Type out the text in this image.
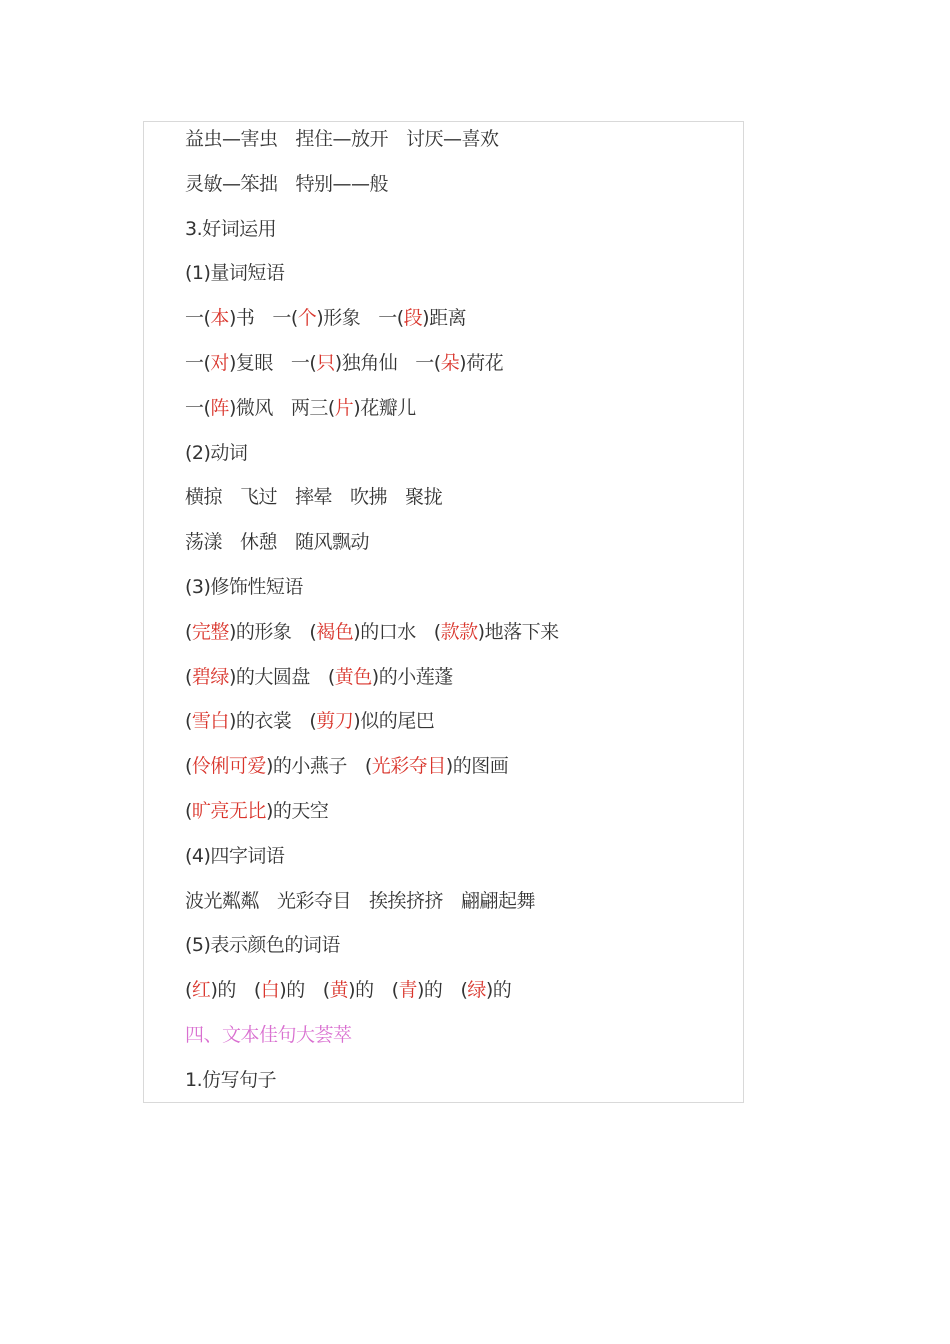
益虫—害虫 捏住—放开 讨厌—喜欢
灵敏—笨拙 特别——般
3.好词运用
(1)量词短语
一(本)书 一(个)形象 一(段)距离
一(对)复眼 一(只)独角仙 一(朵)荷花
一(阵)微风 两三(片)花瓣儿
(2)动词
横掠 飞过 摔晕 吹拂 聚拢
荡漾 休憩 随风飘动
(3)修饰性短语
(完整)的形象 (褐色)的口水 (款款)地落下来
(碧绿)的大圆盘 (黄色)的小莲蓬
(雪白)的衣裳 (剪刀)似的尾巴
(伶俐可爱)的小燕子 (光彩夺目)的图画
(旷亮无比)的天空
(4)四字词语
波光粼粼 光彩夺目 挨挨挤挤 翩翩起舞
(5)表示颜色的词语
(红)的 (白)的 (黄)的 (青)的 (绿)的
四、文本佳句大荟萃
1.仿写句子
